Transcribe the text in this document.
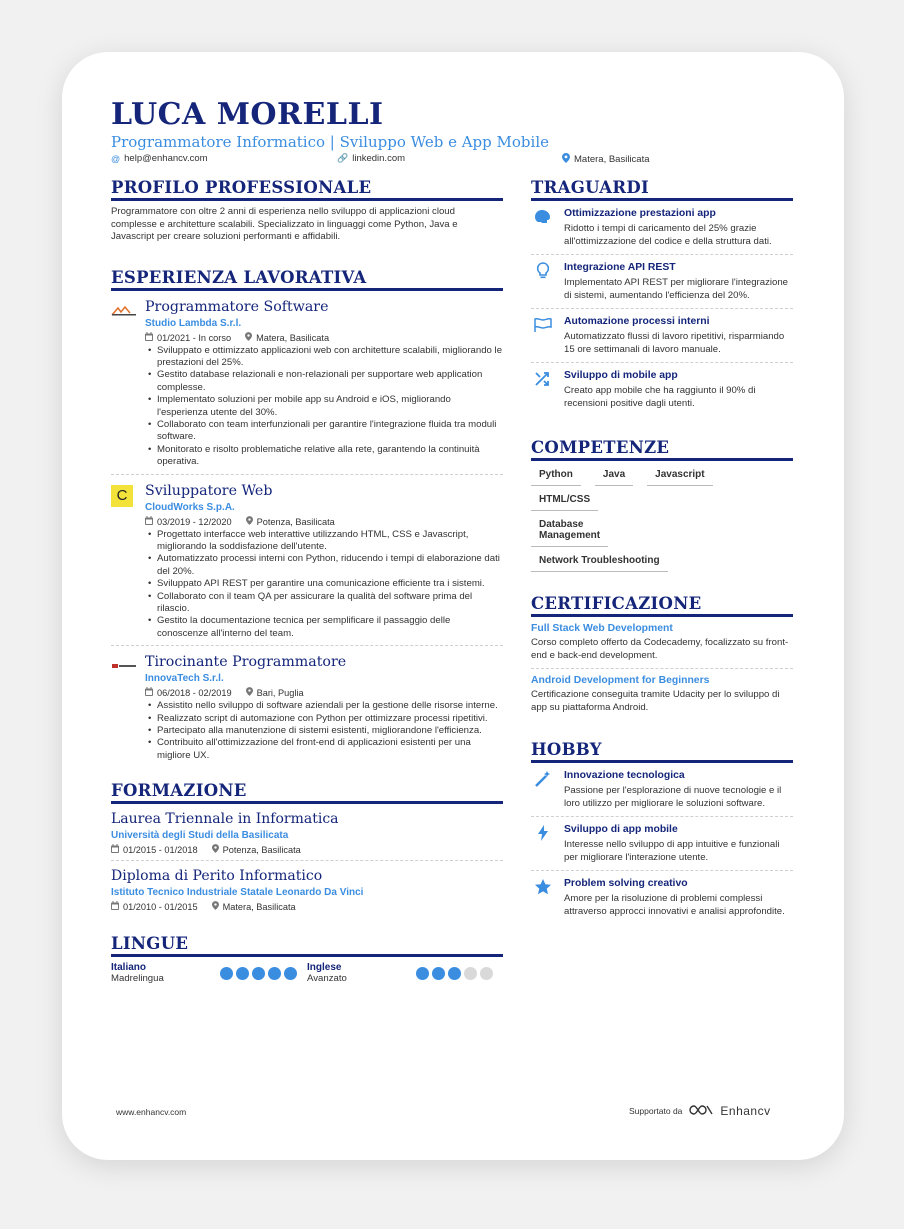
LUCA MORELLI
Programmatore Informatico | Sviluppo Web e App Mobile
@ help@enhancv.com	🔗 linkedin.com	Matera, Basilicata
PROFILO PROFESSIONALE
Programmatore con oltre 2 anni di esperienza nello sviluppo di applicazioni cloud complesse e architetture scalabili. Specializzato in linguaggi come Python, Java e Javascript per creare soluzioni performanti e affidabili.
ESPERIENZA LAVORATIVA
Programmatore Software
Studio Lambda S.r.l.
01/2021 - In corso	Matera, Basilicata
• Sviluppato e ottimizzato applicazioni web con architetture scalabili, migliorando le prestazioni del 25%.
• Gestito database relazionali e non-relazionali per supportare web application complesse.
• Implementato soluzioni per mobile app su Android e iOS, migliorando l'esperienza utente del 30%.
• Collaborato con team interfunzionali per garantire l'integrazione fluida tra moduli software.
• Monitorato e risolto problematiche relative alla rete, garantendo la continuità operativa.
C	Sviluppatore Web
CloudWorks S.p.A.
03/2019 - 12/2020	Potenza, Basilicata
• Progettato interfacce web interattive utilizzando HTML, CSS e Javascript, migliorando la soddisfazione dell'utente.
• Automatizzato processi interni con Python, riducendo i tempi di elaborazione dati del 20%.
• Sviluppato API REST per garantire una comunicazione efficiente tra i sistemi.
• Collaborato con il team QA per assicurare la qualità del software prima del rilascio.
• Gestito la documentazione tecnica per semplificare il passaggio delle conoscenze all'interno del team.
Tirocinante Programmatore
InnovaTech S.r.l.
06/2018 - 02/2019	Bari, Puglia
• Assistito nello sviluppo di software aziendali per la gestione delle risorse interne.
• Realizzato script di automazione con Python per ottimizzare processi ripetitivi.
• Partecipato alla manutenzione di sistemi esistenti, migliorandone l'efficienza.
• Contribuito all'ottimizzazione del front-end di applicazioni esistenti per una migliore UX.
FORMAZIONE
Laurea Triennale in Informatica
Università degli Studi della Basilicata
01/2015 - 01/2018	Potenza, Basilicata
Diploma di Perito Informatico
Istituto Tecnico Industriale Statale Leonardo Da Vinci
01/2010 - 01/2015	Matera, Basilicata
LINGUE
Italiano
Madrelingua
Inglese
Avanzato
TRAGUARDI
Ottimizzazione prestazioni app
Ridotto i tempi di caricamento del 25% grazie all'ottimizzazione del codice e della struttura dati.
Integrazione API REST
Implementato API REST per migliorare l'integrazione di sistemi, aumentando l'efficienza del 20%.
Automazione processi interni
Automatizzato flussi di lavoro ripetitivi, risparmiando 15 ore settimanali di lavoro manuale.
Sviluppo di mobile app
Creato app mobile che ha raggiunto il 90% di recensioni positive dagli utenti.
COMPETENZE
Python	Java	Javascript
HTML/CSS
Database Management
Network Troubleshooting
CERTIFICAZIONE
Full Stack Web Development
Corso completo offerto da Codecademy, focalizzato su front-end e back-end development.
Android Development for Beginners
Certificazione conseguita tramite Udacity per lo sviluppo di app su piattaforma Android.
HOBBY
Innovazione tecnologica
Passione per l'esplorazione di nuove tecnologie e il loro utilizzo per migliorare le soluzioni software.
Sviluppo di app mobile
Interesse nello sviluppo di app intuitive e funzionali per migliorare l'interazione utente.
Problem solving creativo
Amore per la risoluzione di problemi complessi attraverso approcci innovativi e analisi approfondite.
www.enhancv.com	Supportato da	Enhancv
